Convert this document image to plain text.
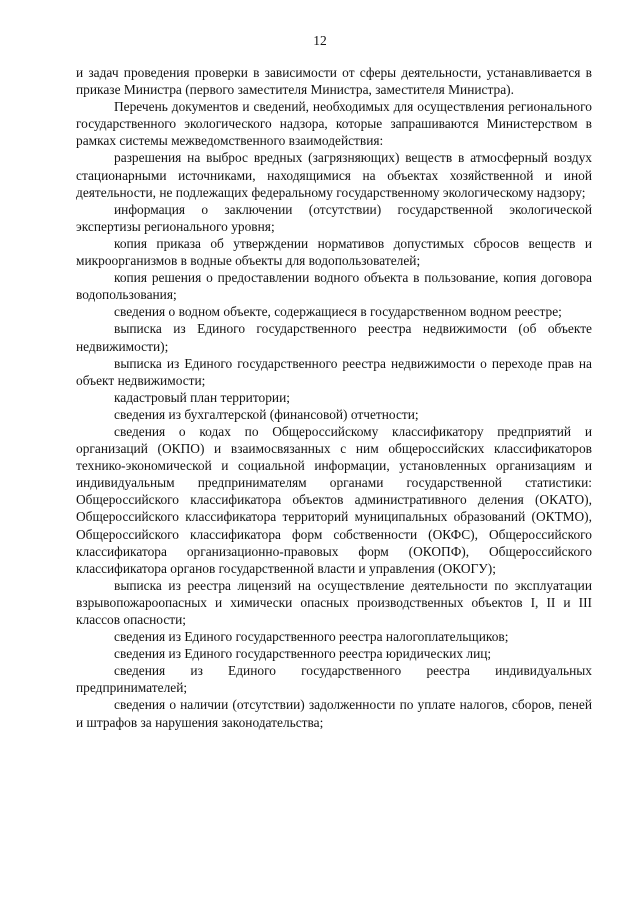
12

и задач проведения проверки в зависимости от сферы деятельности, устанавливается в приказе Министра (первого заместителя Министра, заместителя Министра).

Перечень документов и сведений, необходимых для осуществления регионального государственного экологического надзора, которые запрашиваются Министерством в рамках системы межведомственного взаимодействия:

разрешения на выброс вредных (загрязняющих) веществ в атмосферный воздух стационарными источниками, находящимися на объектах хозяйственной и иной деятельности, не подлежащих федеральному государственному экологическому надзору;

информация о заключении (отсутствии) государственной экологической экспертизы регионального уровня;

копия приказа об утверждении нормативов допустимых сбросов веществ и микроорганизмов в водные объекты для водопользователей;

копия решения о предоставлении водного объекта в пользование, копия договора водопользования;

сведения о водном объекте, содержащиеся в государственном водном реестре;

выписка из Единого государственного реестра недвижимости (об объекте недвижимости);

выписка из Единого государственного реестра недвижимости о переходе прав на объект недвижимости;

кадастровый план территории;

сведения из бухгалтерской (финансовой) отчетности;

сведения о кодах по Общероссийскому классификатору предприятий и организаций (ОКПО) и взаимосвязанных с ним общероссийских классификаторов технико-экономической и социальной информации, установленных организациям и индивидуальным предпринимателям органами государственной статистики: Общероссийского классификатора объектов административного деления (ОКАТО), Общероссийского классификатора территорий муниципальных образований (ОКТМО), Общероссийского классификатора форм собственности (ОКФС), Общероссийского классификатора организационно-правовых форм (ОКОПФ), Общероссийского классификатора органов государственной власти и управления (ОКОГУ);

выписка из реестра лицензий на осуществление деятельности по эксплуатации взрывопожароопасных и химически опасных производственных объектов I, II и III классов опасности;

сведения из Единого государственного реестра налогоплательщиков;

сведения из Единого государственного реестра юридических лиц;

сведения из Единого государственного реестра индивидуальных предпринимателей;

сведения о наличии (отсутствии) задолженности по уплате налогов, сборов, пеней и штрафов за нарушения законодательства;
